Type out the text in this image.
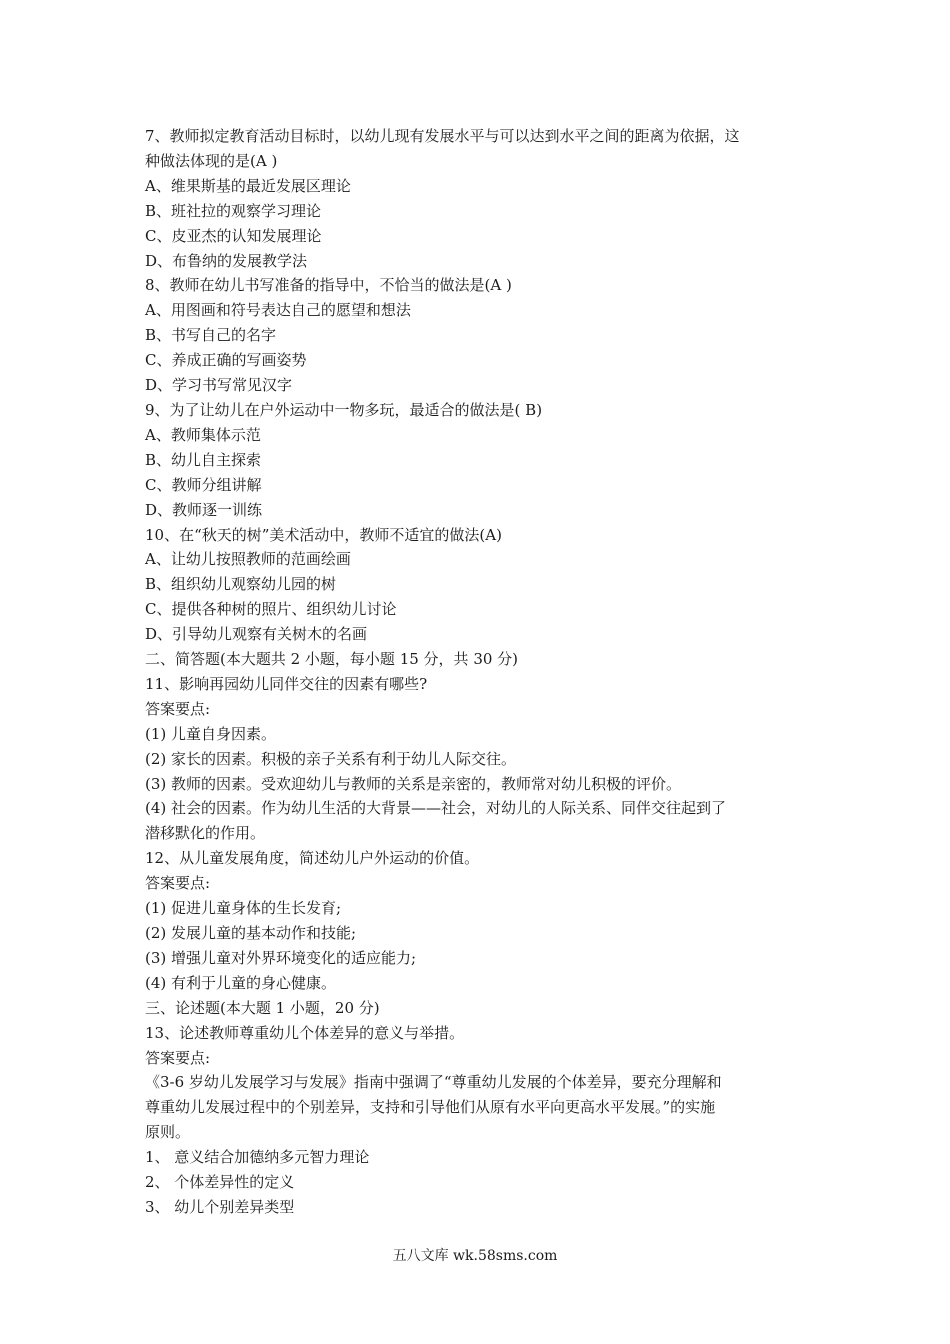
7、教师拟定教育活动目标时，以幼儿现有发展水平与可以达到水平之间的距离为依据，这

种做法体现的是(A )

A、维果斯基的最近发展区理论

B、班社拉的观察学习理论

C、皮亚杰的认知发展理论

D、布鲁纳的发展教学法

8、教师在幼儿书写准备的指导中，不恰当的做法是(A )

A、用图画和符号表达自己的愿望和想法

B、书写自己的名字

C、养成正确的写画姿势

D、学习书写常见汉字

9、为了让幼儿在户外运动中一物多玩，最适合的做法是( B)

A、教师集体示范

B、幼儿自主探索

C、教师分组讲解

D、教师逐一训练

10、在“秋天的树”美术活动中，教师不适宜的做法(A)

A、让幼儿按照教师的范画绘画

B、组织幼儿观察幼儿园的树

C、提供各种树的照片、组织幼儿讨论

D、引导幼儿观察有关树木的名画

二、简答题(本大题共 2 小题，每小题 15 分，共 30 分)

11、影响再园幼儿同伴交往的因素有哪些?

答案要点:

(1) 儿童自身因素。

(2) 家长的因素。积极的亲子关系有利于幼儿人际交往。

(3) 教师的因素。受欢迎幼儿与教师的关系是亲密的，教师常对幼儿积极的评价。

(4) 社会的因素。作为幼儿生活的大背景——社会，对幼儿的人际关系、同伴交往起到了

潜移默化的作用。

12、从儿童发展角度，简述幼儿户外运动的价值。

答案要点:

(1) 促进儿童身体的生长发育;

(2) 发展儿童的基本动作和技能;

(3) 增强儿童对外界环境变化的适应能力;

(4) 有利于儿童的身心健康。

三、论述题(本大题 1 小题，20 分)

13、论述教师尊重幼儿个体差异的意义与举措。

答案要点:

《3-6 岁幼儿发展学习与发展》指南中强调了“尊重幼儿发展的个体差异，要充分理解和

尊重幼儿发展过程中的个别差异，支持和引导他们从原有水平向更高水平发展。”的实施

原则。

1、 意义结合加德纳多元智力理论

2、 个体差异性的定义

3、 幼儿个别差异类型

五八文库 wk.58sms.com
